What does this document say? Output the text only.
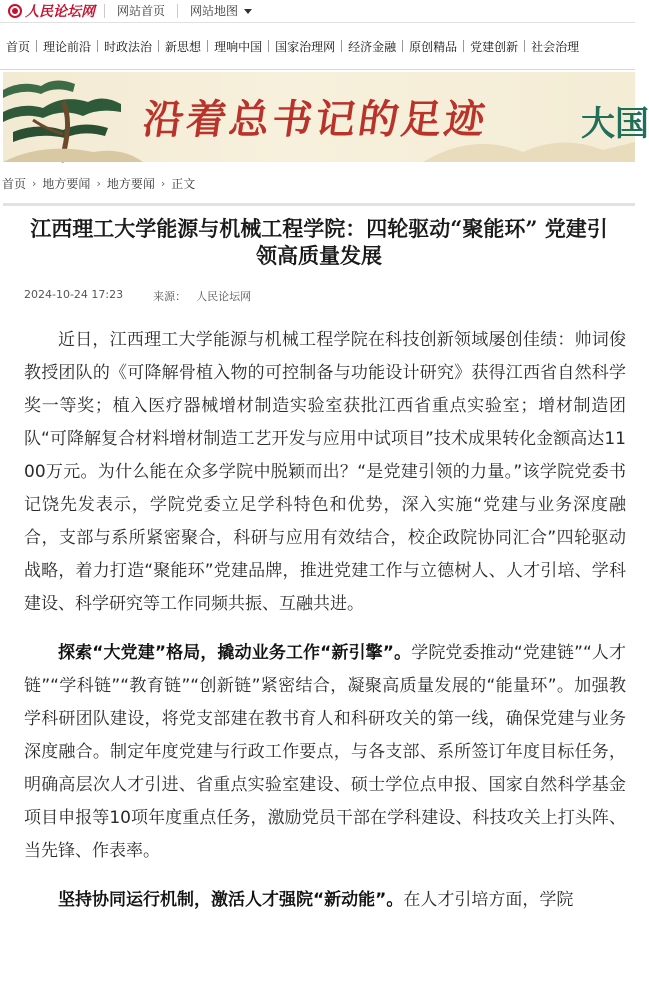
人民论坛网	网站首页	网站地图
首页	理论前沿	时政法治	新思想	理响中国	国家治理网	经济金融	原创精品	党建创新	社会治理
沿着总书记的足迹	大国
首页 › 地方要闻 › 地方要闻 › 正文
江西理工大学能源与机械工程学院：四轮驱动“聚能环” 党建引领高质量发展
2024-10-24 17:23	来源： 人民论坛网

近日，江西理工大学能源与机械工程学院在科技创新领域屡创佳绩：帅词俊教授团队的《可降解骨植入物的可控制备与功能设计研究》获得江西省自然科学奖一等奖；植入医疗器械增材制造实验室获批江西省重点实验室；增材制造团队“可降解复合材料增材制造工艺开发与应用中试项目”技术成果转化金额高达1100万元。为什么能在众多学院中脱颖而出？“是党建引领的力量。”该学院党委书记饶先发表示，学院党委立足学科特色和优势，深入实施“党建与业务深度融合，支部与系所紧密聚合，科研与应用有效结合，校企政院协同汇合”四轮驱动战略，着力打造“聚能环”党建品牌，推进党建工作与立德树人、人才引培、学科建设、科学研究等工作同频共振、互融共进。

探索“大党建”格局，撬动业务工作“新引擎”。学院党委推动“党建链”“人才链”“学科链”“教育链”“创新链”紧密结合，凝聚高质量发展的“能量环”。加强教学科研团队建设，将党支部建在教书育人和科研攻关的第一线，确保党建与业务深度融合。制定年度党建与行政工作要点，与各支部、系所签订年度目标任务，明确高层次人才引进、省重点实验室建设、硕士学位点申报、国家自然科学基金项目申报等10项年度重点任务，激励党员干部在学科建设、科技攻关上打头阵、当先锋、作表率。

坚持协同运行机制，激活人才强院“新动能”。在人才引培方面，学院
